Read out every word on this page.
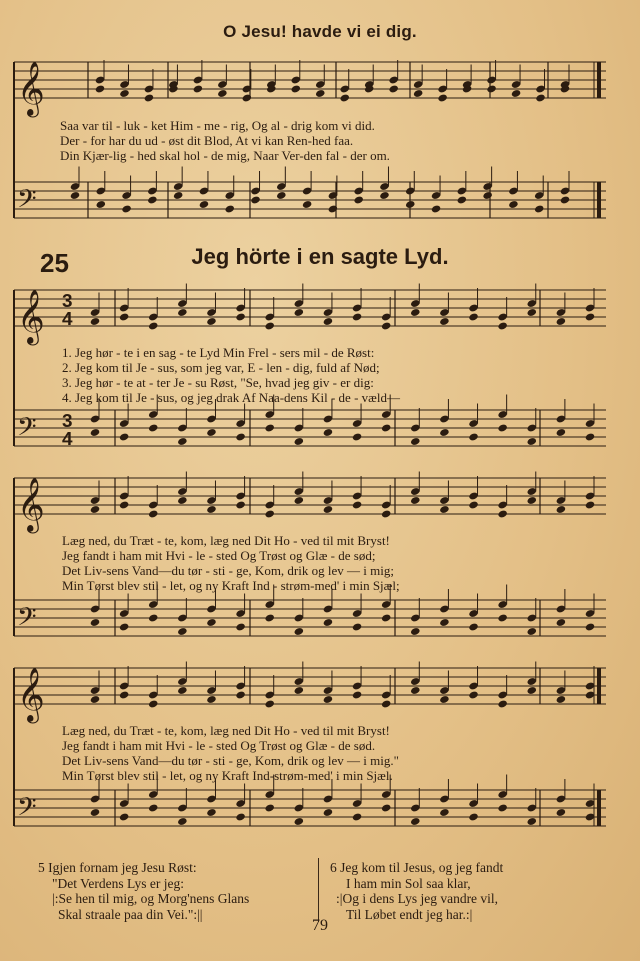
𝄞
𝄢
𝄞
𝄢
3
4
3
4
𝄞
𝄢
𝄞
𝄢
O Jesu! havde vi ei dig.
Saa var til - luk - ket Him - me - rig, Og al - drig kom vi did.
Der - for har du ud - øst dit Blod, At vi kan Ren-hed faa.
Din Kjær-lig - hed skal hol - de mig, Naar Ver-den fal - der om.
25	Jeg hörte i en sagte Lyd.
1. Jeg hør - te i en sag - te Lyd Min Frel - sers mil - de Røst:
2. Jeg kom til Je - sus, som jeg var, E - len - dig, fuld af Nød;
3. Jeg hør - te at - ter Je - su Røst, "Se, hvad jeg giv - er dig:
4. Jeg kom til Je - sus, og jeg drak Af Naa-dens Kil - de - væld—
Læg ned, du Træt - te, kom, læg ned Dit Ho - ved til mit Bryst!
Jeg fandt i ham mit Hvi - le - sted Og Trøst og Glæ - de sød;
Det Liv-sens Vand—du tør - sti - ge, Kom, drik og lev — i mig;
Min Tørst blev stil - let, og ny Kraft Ind - strøm-med' i min Sjæl;
Læg ned, du Træt - te, kom, læg ned Dit Ho - ved til mit Bryst!
Jeg fandt i ham mit Hvi - le - sted Og Trøst og Glæ - de sød.
Det Liv-sens Vand—du tør - sti - ge, Kom, drik og lev — i mig."
Min Tørst blev stil - let, og ny Kraft Ind-strøm-med' i min Sjæl.
5 Igjen fornam jeg Jesu Røst:
"Det Verdens Lys er jeg:
|:Se hen til mig, og Morg'nens Glans
Skal straale paa din Vei.":||
6 Jeg kom til Jesus, og jeg fandt
I ham min Sol saa klar,
:|Og i dens Lys jeg vandre vil,
Til Løbet endt jeg har.:|
79
